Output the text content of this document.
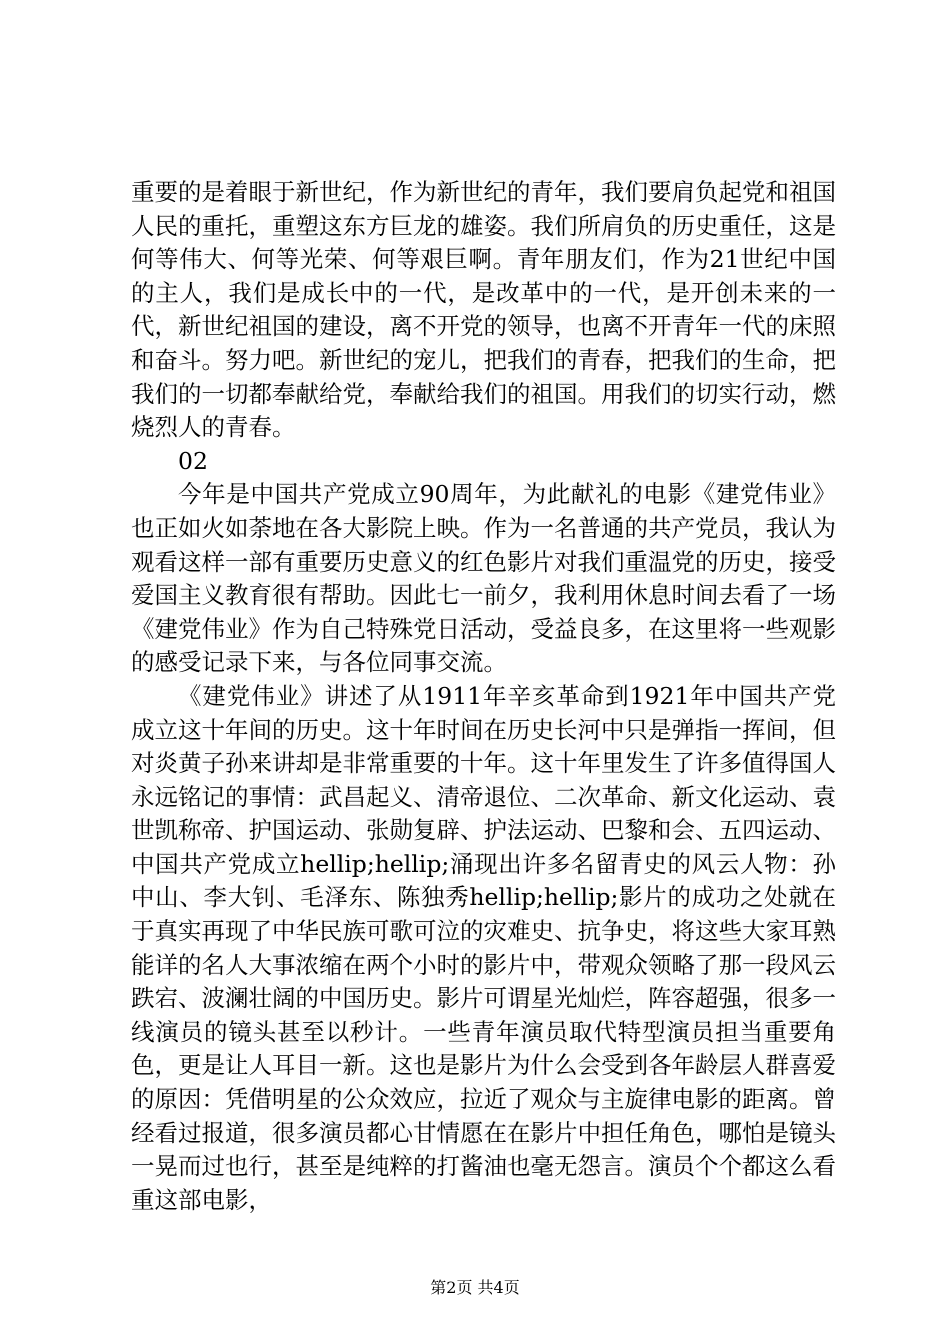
重要的是着眼于新世纪，作为新世纪的青年，我们要肩负起党和祖国人民的重托，重塑这东方巨龙的雄姿。我们所肩负的历史重任，这是何等伟大、何等光荣、何等艰巨啊。青年朋友们，作为21世纪中国的主人，我们是成长中的一代，是改革中的一代，是开创未来的一代，新世纪祖国的建设，离不开党的领导，也离不开青年一代的床照和奋斗。努力吧。新世纪的宠儿，把我们的青春，把我们的生命，把我们的一切都奉献给党，奉献给我们的祖国。用我们的切实行动，燃烧烈人的青春。

02

今年是中国共产党成立90周年，为此献礼的电影《建党伟业》也正如火如荼地在各大影院上映。作为一名普通的共产党员，我认为观看这样一部有重要历史意义的红色影片对我们重温党的历史，接受爱国主义教育很有帮助。因此七一前夕，我利用休息时间去看了一场《建党伟业》作为自己特殊党日活动，受益良多，在这里将一些观影的感受记录下来，与各位同事交流。

《建党伟业》讲述了从1911年辛亥革命到1921年中国共产党成立这十年间的历史。这十年时间在历史长河中只是弹指一挥间，但对炎黄子孙来讲却是非常重要的十年。这十年里发生了许多值得国人永远铭记的事情：武昌起义、清帝退位、二次革命、新文化运动、袁世凯称帝、护国运动、张勋复辟、护法运动、巴黎和会、五四运动、中国共产党成立hellip;hellip;涌现出许多名留青史的风云人物：孙中山、李大钊、毛泽东、陈独秀hellip;hellip;影片的成功之处就在于真实再现了中华民族可歌可泣的灾难史、抗争史，将这些大家耳熟能详的名人大事浓缩在两个小时的影片中，带观众领略了那一段风云跌宕、波澜壮阔的中国历史。影片可谓星光灿烂，阵容超强，很多一线演员的镜头甚至以秒计。一些青年演员取代特型演员担当重要角色，更是让人耳目一新。这也是影片为什么会受到各年龄层人群喜爱的原因：凭借明星的公众效应，拉近了观众与主旋律电影的距离。曾经看过报道，很多演员都心甘情愿在在影片中担任角色，哪怕是镜头一晃而过也行，甚至是纯粹的打酱油也毫无怨言。演员个个都这么看重这部电影，

第2页 共4页
